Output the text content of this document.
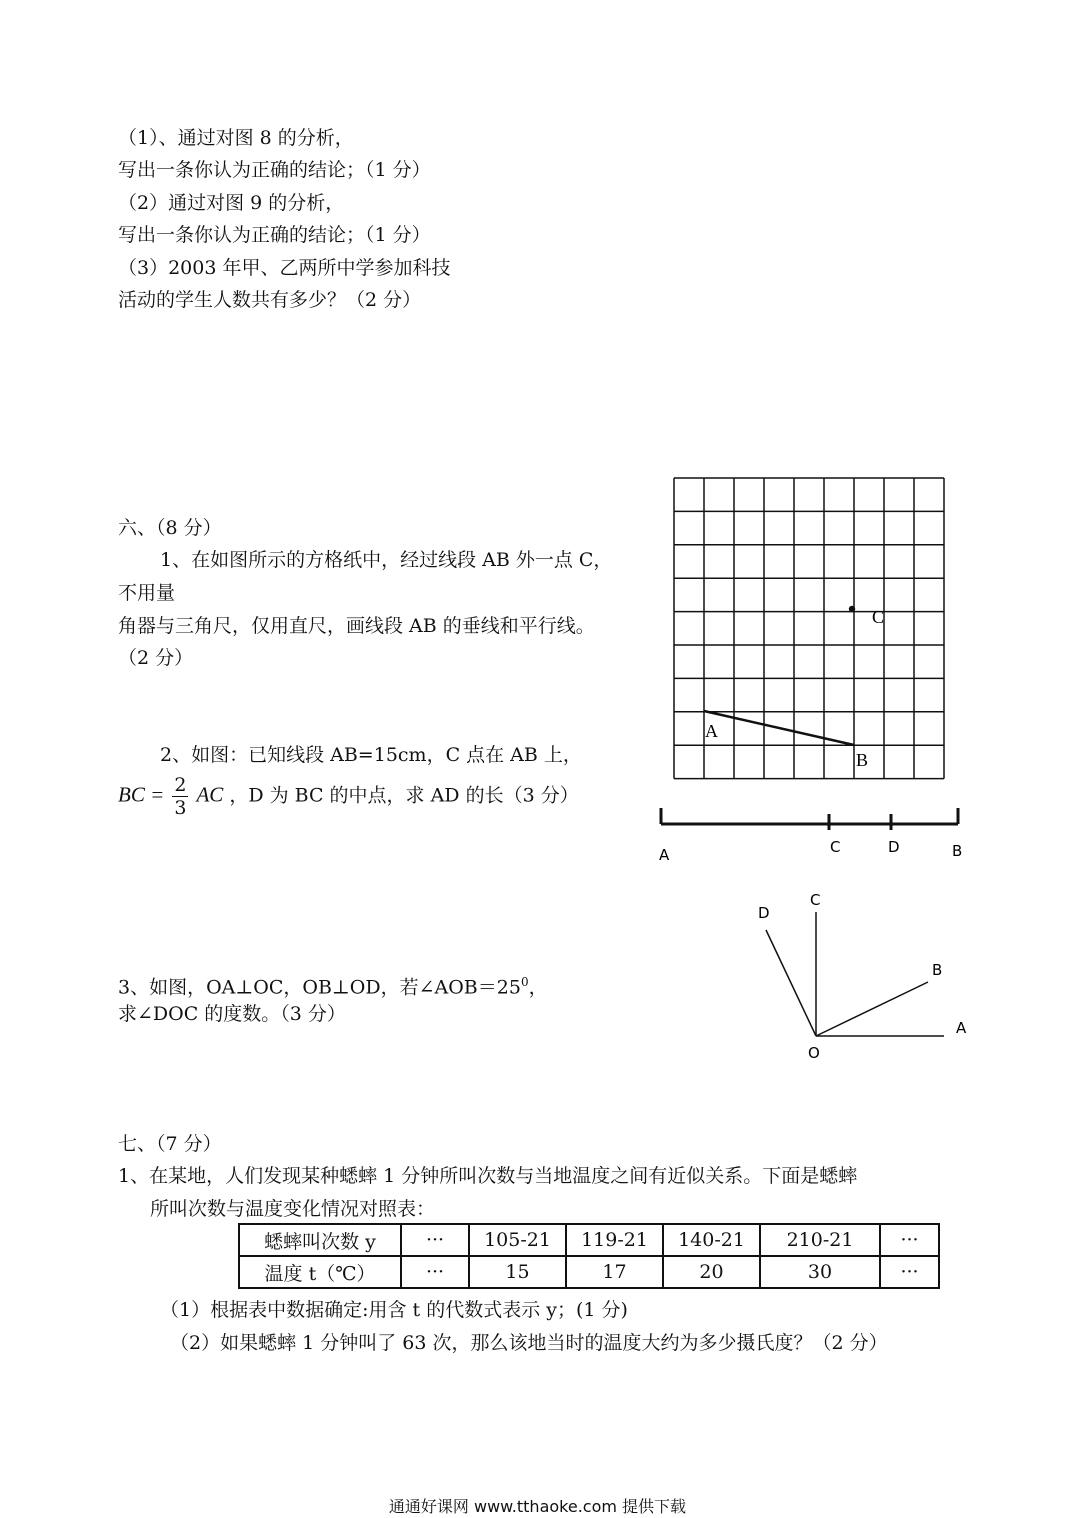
（1）、通过对图 8 的分析，
写出一条你认为正确的结论；（1 分）
（2）通过对图 9 的分析，
写出一条你认为正确的结论；（1 分）
（3）2003 年甲、乙两所中学参加科技
活动的学生人数共有多少？（2 分）
六、（8 分）
1、在如图所示的方格纸中，经过线段 AB 外一点 C，
不用量
角器与三角尺，仅用直尺，画线段 AB 的垂线和平行线。
（2 分）
2、如图：已知线段 AB=15cm，C 点在 AB 上，
BC = $\frac{2}{3}$ AC ，D 为 BC 的中点，求 AD 的长（3 分）
3、如图，OA⊥OC，OB⊥OD，若$\angle AOB=25^0$，
求∠DOC 的度数。（3 分）
A
B
C
A	C	D	B
O
A
B
C
D
七、（7 分）
1、在某地，人们发现某种蟋蟀 1 分钟所叫次数与当地温度之间有近似关系。下面是蟋蟀
所叫次数与温度变化情况对照表：
蟋蟀叫次数 y	···	105-21	119-21	140-21	210-21	···
温度 t（℃）	···	15	17	20	30	···
（1）根据表中数据确定:用含 t 的代数式表示 y；(1 分)
（2）如果蟋蟀 1 分钟叫了 63 次，那么该地当时的温度大约为多少摄氏度？（2 分）
通通好课网 www.tthaoke.com 提供下载
